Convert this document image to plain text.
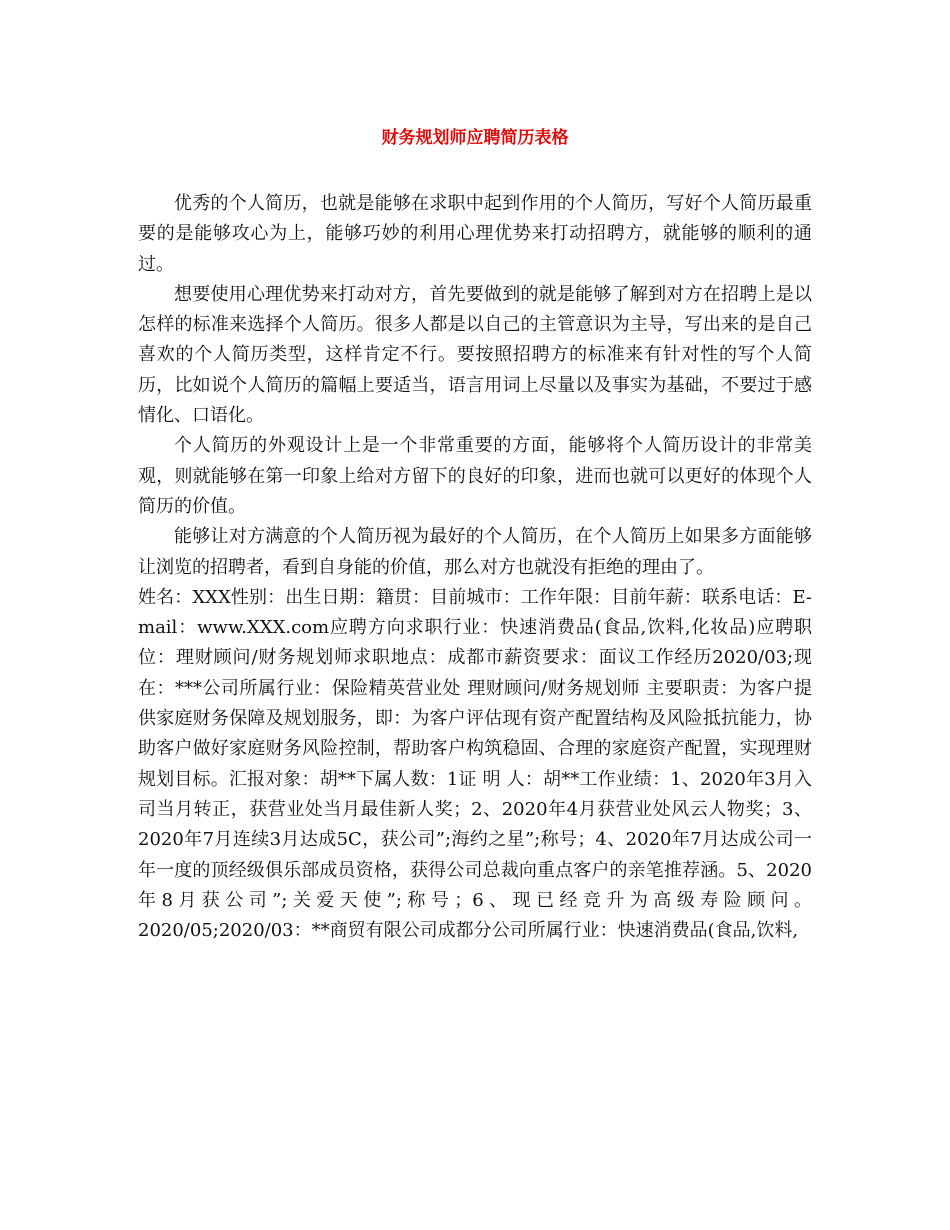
财务规划师应聘简历表格

优秀的个人简历，也就是能够在求职中起到作用的个人简历，写好个人简历最重要的是能够攻心为上，能够巧妙的利用心理优势来打动招聘方，就能够的顺利的通过。

想要使用心理优势来打动对方，首先要做到的就是能够了解到对方在招聘上是以怎样的标准来选择个人简历。很多人都是以自己的主管意识为主导，写出来的是自己喜欢的个人简历类型，这样肯定不行。要按照招聘方的标准来有针对性的写个人简历，比如说个人简历的篇幅上要适当，语言用词上尽量以及事实为基础，不要过于感情化、口语化。

个人简历的外观设计上是一个非常重要的方面，能够将个人简历设计的非常美观，则就能够在第一印象上给对方留下的良好的印象，进而也就可以更好的体现个人简历的价值。

能够让对方满意的个人简历视为最好的个人简历，在个人简历上如果多方面能够让浏览的招聘者，看到自身能的价值，那么对方也就没有拒绝的理由了。

姓名：XXX性别：出生日期：籍贯：目前城市：工作年限：目前年薪：联系电话：E-mail：www.XXX.com应聘方向求职行业：快速消费品(食品,饮料,化妆品)应聘职位：理财顾问/财务规划师求职地点：成都市薪资要求：面议工作经历2020/03;现在：***公司所属行业：保险精英营业处 理财顾问/财务规划师 主要职责：为客户提供家庭财务保障及规划服务，即：为客户评估现有资产配置结构及风险抵抗能力，协助客户做好家庭财务风险控制，帮助客户构筑稳固、合理的家庭资产配置，实现理财规划目标。汇报对象：胡**下属人数：1证 明 人：胡**工作业绩：1、2020年3月入司当月转正，获营业处当月最佳新人奖；2、2020年4月获营业处风云人物奖；3、2020年7月连续3月达成5C，获公司”;海约之星”;称号；4、2020年7月达成公司一年一度的顶经级俱乐部成员资格，获得公司总裁向重点客户的亲笔推荐涵。5、2020年8月获公司”;关爱天使”;称号；6、现已经竞升为高级寿险顾问。2020/05;2020/03：**商贸有限公司成都分公司所属行业：快速消费品(食品,饮料,
